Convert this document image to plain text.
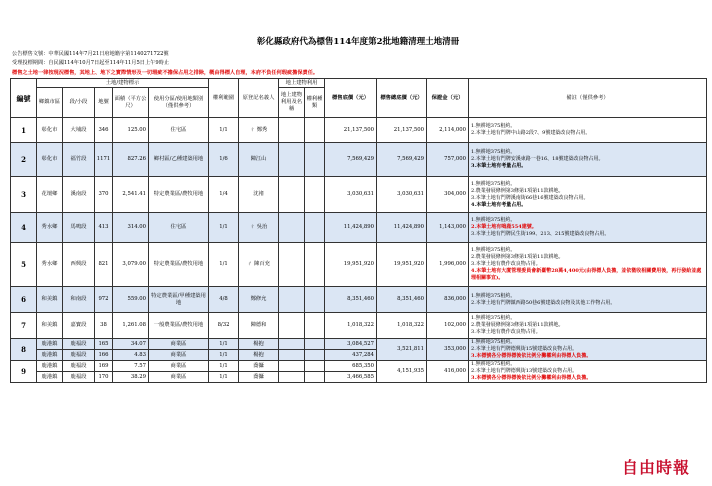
彰化縣政府代為標售114年度第2批地籍清理土地清冊
公告標售文號：中華民國114年7月21日府地籍字第1140271722號
受理投標期間：自民國114年10月7日起至114年11月5日上午9時止
標售之土地一律按現況標售，其地上、地下之實際情形及一切瑕疵不擔保占用之排除，概由得標人自理，本府不負任何瑕疵擔保責任。
編號	土地/建物標示					權利範圍	原登記名義人	地上建物利用		標售底價（元）	標售總底價（元）	保證金（元）	備註（僅供參考）
	鄉鎮市區	段/小段	地號	面積（平方公尺）	使用分區/使用地類別（僅供參考）			地上建物利用及名稱	權利種類				
1	彰化市	大埔段	346	125.00	住宅區	1/1	ㄔ 鄭秀			21,137,500	21,137,500	2,114,000	1.無耕地375租約。
2.本筆土地有門牌中山路2段7、9號建築改良物占用。

2	彰化市	福竹段	1171	827.26	鄉村區/乙種建築用地	1/6	陳江山			7,569,429	7,569,429	757,000	1.無耕地375租約。
2.本筆土地有門牌安溪東路一巷16、18號建築改良物占用。
3.本筆土地有考量占用。

3	花壇鄉	溪南段	370	2,541.41	特定農業區/農牧用地	1/4	沈褚			3,030,631	3,030,631	304,000	1.無耕地375租約。
2.農業發展條例第3條第1項第11款耕地。
3.本筆土地有門牌溪南街66巷16號建築改良物占用。
4.本筆土地有考量占用。

4	秀水鄉	馬鳴段	413	314.00	住宅區	1/1	ㄔ 吳治			11,424,890	11,424,890	1,143,000	1.無耕地375租約。
2.本筆土地有鳴鹿554建號。
3.本筆土地有門牌民生街199、213、215號建築改良物占用。

5	秀水鄉	西興段	821	3,079.00	特定農業區/農牧用地	1/1	ㄔ 陳百充			19,951,920	19,951,920	1,996,000	1.無耕地375租約。
2.農業發展條例第3條第1項第11款耕地。
3.本筆土地有農作改良物占用。
4.本筆土地有大廈管理委員會新臺幣28萬4,400元(由得標人負擔，並依徵收相關費用後，再行發給並處理相關事宜)。

6	和美鎮	和南段	972	559.00	特定農業區/甲種建築用地	4/8	鄭修允			8,351,460	8,351,460	836,000	1.無耕地375租約。
2.本筆土地有門牌鎮西路50巷6號建築改良物及其他工作物占用。

7	和美鎮	嘉寶段	38	1,261.08	一般農業區/農牧用地	8/32	陳德和			1,018,322	1,018,322	102,000	1.無耕地375租約。
2.農業發展條例第3條第1項第11款耕地。
3.本筆土地有農作改良物占用。

8	鹿港鎮	鹿福段	165	34.07	商業區	1/1	楊抱			3,084,527	3,521,811	353,000	1.無耕地375租約。
2.本筆土地有門牌德興街15號建築改良物占用。
3.本標號各分標得標後依比例分攤權利由得標人負擔。

	鹿港鎮	鹿福段	166	4.83	商業區	1/1	楊抱			437,284			
9	鹿港鎮	鹿福段	169	7.57	商業區	1/1	喬攝			685,350	4,151,935	416,000	1.無耕地375租約。
2.本筆土地有門牌德興街13號建築改良物占用。
3.本標號各分標得標後依比例分攤權利由得標人負擔。

	鹿港鎮	鹿福段	170	38.29	商業區	1/1	喬攝			3,466,585			
自由時報
